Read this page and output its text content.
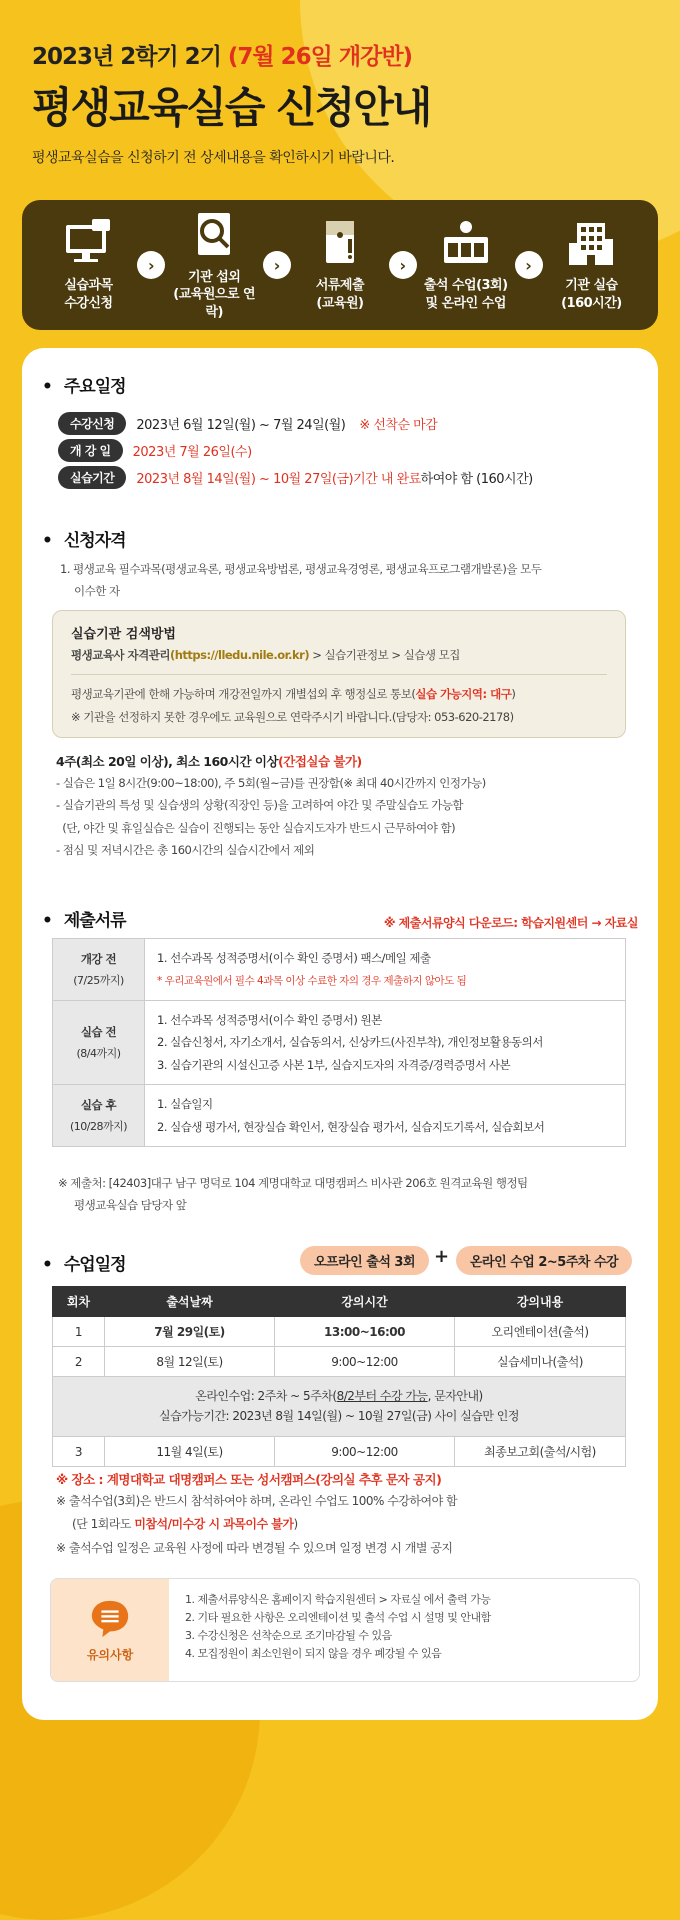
2023년 2학기 2기 (7월 26일 개강반)
평생교육실습 신청안내
평생교육실습을 신청하기 전 상세내용을 확인하시기 바랍니다.
실습과목
수강신청
›
기관 섭외
(교육원으로 연락)
›
서류제출
(교육원)
›
출석 수업(3회)
및 온라인 수업
›
기관 실습
(160시간)
• 주요일정
수강신청	2023년 6월 12일(월) ~ 7월 24일(월) ※ 선착순 마감
개 강 일	2023년 7월 26일(수)
실습기간	2023년 8월 14일(월) ~ 10월 27일(금)기간 내 완료 하여야 함 (160시간)
• 신청자격
1. 평생교육 필수과목(평생교육론, 평생교육방법론, 평생교육경영론, 평생교육프로그램개발론)을 모두
이수한 자
실습기관 검색방법
평생교육사 자격관리(https://lledu.nile.or.kr) > 실습기관정보 > 실습생 모집
평생교육기관에 한해 가능하며 개강전일까지 개별섭외 후 행정실로 통보(실습 가능지역: 대구)
※ 기관을 선정하지 못한 경우에도 교육원으로 연락주시기 바랍니다.(담당자: 053-620-2178)
4주(최소 20일 이상), 최소 160시간 이상(간접실습 불가)
- 실습은 1일 8시간(9:00~18:00), 주 5회(월~금)를 권장함(※ 최대 40시간까지 인정가능)
- 실습기관의 특성 및 실습생의 상황(직장인 등)을 고려하여 야간 및 주말실습도 가능함
(단, 야간 및 휴일실습은 실습이 진행되는 동안 실습지도자가 반드시 근무하여야 함)
- 점심 및 저녁시간은 총 160시간의 실습시간에서 제외
• 제출서류	※ 제출서류양식 다운로드: 학습지원센터 → 자료실
개강 전
(7/25까지)	1. 선수과목 성적증명서(이수 확인 증명서) 팩스/메일 제출
* 우리교육원에서 필수 4과목 이상 수료한 자의 경우 제출하지 않아도 됨
실습 전
(8/4까지)	1. 선수과목 성적증명서(이수 확인 증명서) 원본
2. 실습신청서, 자기소개서, 실습동의서, 신상카드(사진부착), 개인정보활용동의서
3. 실습기관의 시설신고증 사본 1부, 실습지도자의 자격증/경력증명서 사본
실습 후
(10/28까지)	1. 실습일지
2. 실습생 평가서, 현장실습 확인서, 현장실습 평가서, 실습지도기록서, 실습회보서
※ 제출처: [42403]대구 남구 명덕로 104 계명대학교 대명캠퍼스 비사관 206호 원격교육원 행정팀
평생교육실습 담당자 앞
• 수업일정	오프라인 출석 3회	+	온라인 수업 2~5주차 수강
회차	출석날짜	강의시간	강의내용
1	7월 29일(토)	13:00~16:00	오리엔테이션(출석)
2	8월 12일(토)	9:00~12:00	실습세미나(출석)
온라인수업: 2주차 ~ 5주차(8/2부터 수강 가능, 문자안내)
실습가능기간: 2023년 8월 14일(월) ~ 10월 27일(금) 사이 실습만 인정			
3	11월 4일(토)	9:00~12:00	최종보고회(출석/시험)
※ 장소 : 계명대학교 대명캠퍼스 또는 성서캠퍼스(강의실 추후 문자 공지)
※ 출석수업(3회)은 반드시 참석하여야 하며, 온라인 수업도 100% 수강하여야 함
(단 1회라도 미참석/미수강 시 과목이수 불가)
※ 출석수업 일정은 교육원 사정에 따라 변경될 수 있으며 일정 변경 시 개별 공지
유의사항
1. 제출서류양식은 홈페이지 학습지원센터 > 자료실 에서 출력 가능
2. 기타 필요한 사항은 오리엔테이션 및 출석 수업 시 설명 및 안내함
3. 수강신청은 선착순으로 조기마감될 수 있음
4. 모집정원이 최소인원이 되지 않을 경우 폐강될 수 있음
